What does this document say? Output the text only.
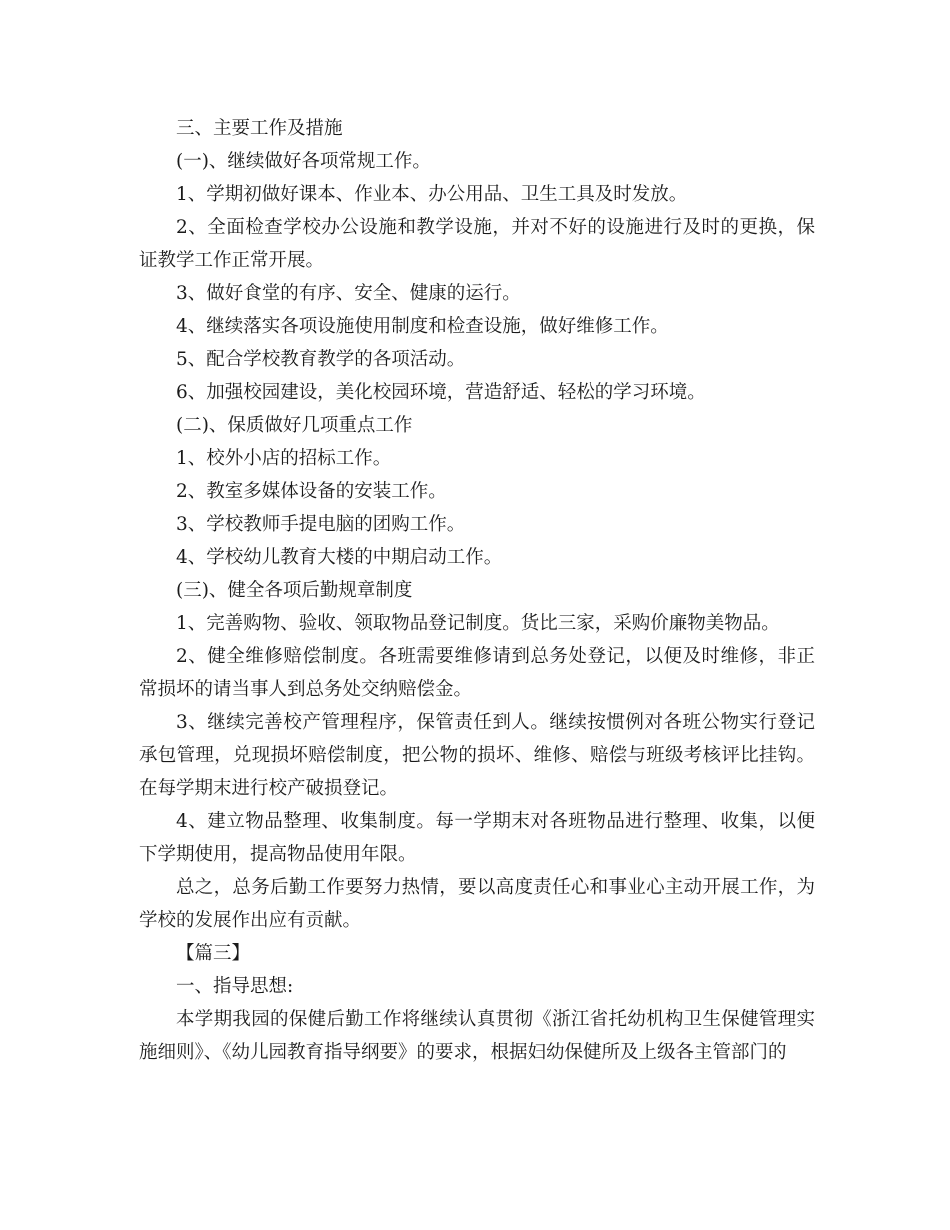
三、主要工作及措施

(一)、继续做好各项常规工作。

1、学期初做好课本、作业本、办公用品、卫生工具及时发放。

2、全面检查学校办公设施和教学设施，并对不好的设施进行及时的更换，保证教学工作正常开展。

3、做好食堂的有序、安全、健康的运行。

4、继续落实各项设施使用制度和检查设施，做好维修工作。

5、配合学校教育教学的各项活动。

6、加强校园建设，美化校园环境，营造舒适、轻松的学习环境。

(二)、保质做好几项重点工作

1、校外小店的招标工作。

2、教室多媒体设备的安装工作。

3、学校教师手提电脑的团购工作。

4、学校幼儿教育大楼的中期启动工作。

(三)、健全各项后勤规章制度

1、完善购物、验收、领取物品登记制度。货比三家，采购价廉物美物品。

2、健全维修赔偿制度。各班需要维修请到总务处登记，以便及时维修，非正常损坏的请当事人到总务处交纳赔偿金。

3、继续完善校产管理程序，保管责任到人。继续按惯例对各班公物实行登记承包管理，兑现损坏赔偿制度，把公物的损坏、维修、赔偿与班级考核评比挂钩。在每学期末进行校产破损登记。

4、建立物品整理、收集制度。每一学期末对各班物品进行整理、收集，以便下学期使用，提高物品使用年限。

总之，总务后勤工作要努力热情，要以高度责任心和事业心主动开展工作，为学校的发展作出应有贡献。

【篇三】

一、指导思想:

本学期我园的保健后勤工作将继续认真贯彻《浙江省托幼机构卫生保健管理实施细则》、《幼儿园教育指导纲要》的要求，根据妇幼保健所及上级各主管部门的
